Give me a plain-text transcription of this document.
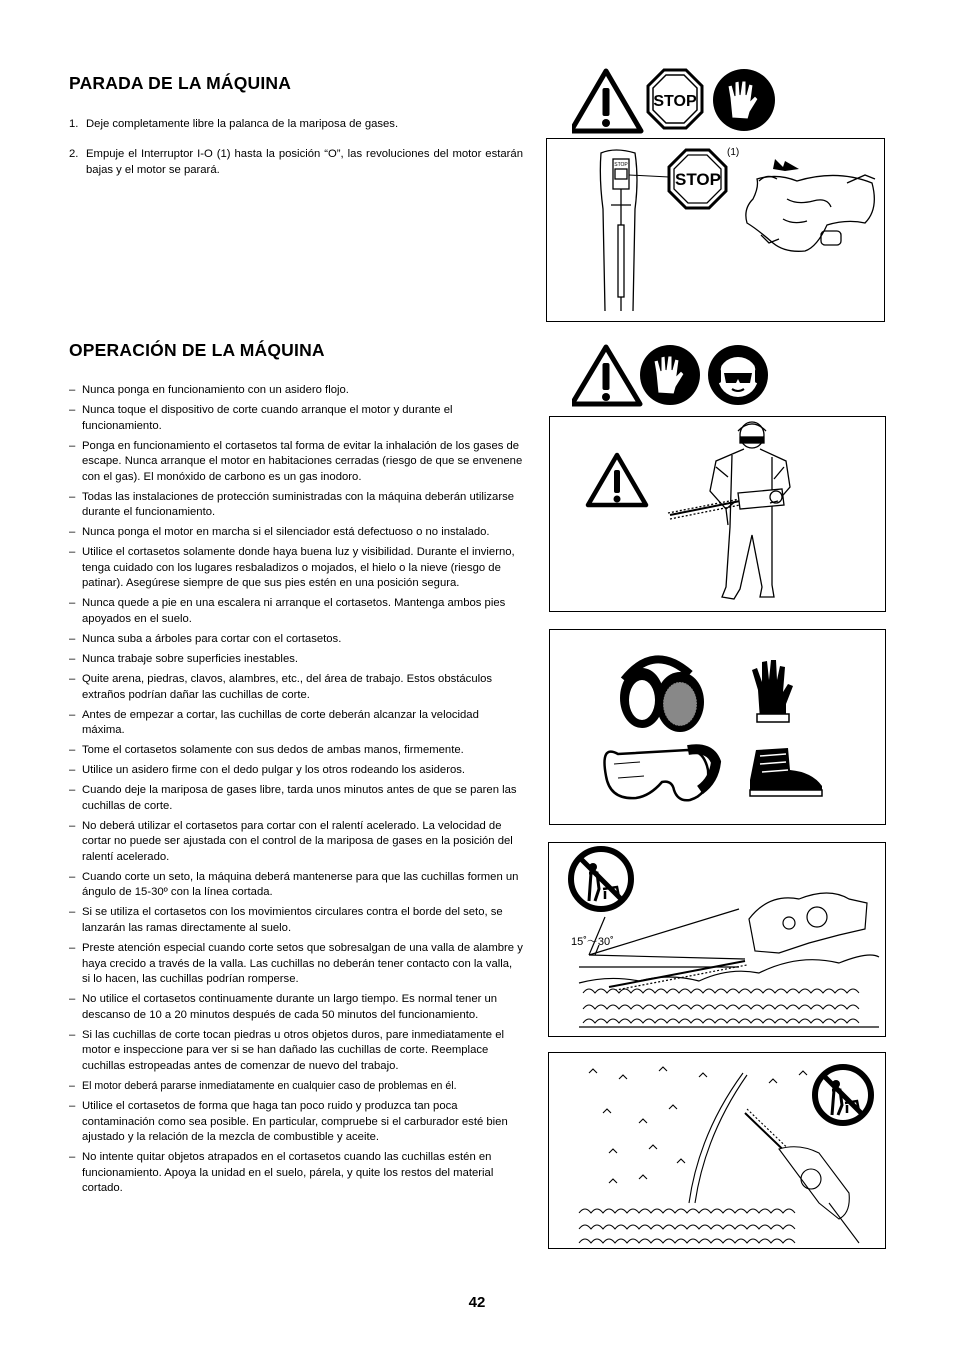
PARADA DE LA MÁQUINA
1. Deje completamente libre la palanca de la mariposa de gases.
2. Empuje el Interruptor I-O (1) hasta la posición “O”, las revoluciones del motor estarán bajas y el motor se parará.
STOP
STOP
STOP
(1)
OPERACIÓN DE LA MÁQUINA
– Nunca ponga en funcionamiento con un asidero flojo.
– Nunca toque el dispositivo de corte cuando arranque el motor y durante el funcionamiento.
– Ponga en funcionamiento el cortasetos tal forma de evitar la inhalación de los gases de escape. Nunca arranque el motor en habitaciones cerradas (riesgo de que se envenene con el gas). El monóxido de carbono es un gas inodoro.
– Todas las instalaciones de protección suministradas con la máquina deberán utilizarse durante el funcionamiento.
– Nunca ponga el motor en marcha si el silenciador está defectuoso o no instalado.
– Utilice el cortasetos solamente donde haya buena luz y visibilidad. Durante el invierno, tenga cuidado con los lugares resbaladizos o mojados, el hielo o la nieve (riesgo de patinar). Asegúrese siempre de que sus pies estén en una posición segura.
– Nunca quede a pie en una escalera ni arranque el cortasetos. Mantenga ambos pies apoyados en el suelo.
– Nunca suba a árboles para cortar con el cortasetos.
– Nunca trabaje sobre superficies inestables.
– Quite arena, piedras, clavos, alambres, etc., del área de trabajo. Estos obstáculos extraños podrían dañar las cuchillas de corte.
– Antes de empezar a cortar, las cuchillas de corte deberán alcanzar la velocidad máxima.
– Tome el cortasetos solamente con sus dedos de ambas manos, firmemente.
– Utilice un asidero firme con el dedo pulgar y los otros rodeando los asideros.
– Cuando deje la mariposa de gases libre, tarda unos minutos antes de que se paren las cuchillas de corte.
– No deberá utilizar el cortasetos para cortar con el ralentí acelerado. La velocidad de cortar no puede ser ajustada con el control de la mariposa de gases en la posición del ralentí acelerado.
– Cuando corte un seto, la máquina deberá mantenerse para que las cuchillas formen un ángulo de 15-30º con la línea cortada.
– Si se utiliza el cortasetos con los movimientos circulares contra el borde del seto, se lanzarán las ramas directamente al suelo.
– Preste atención especial cuando corte setos que sobresalgan de una valla de alambre y haya crecido a través de la valla. Las cuchillas no deberán tener contacto con la valla, si lo hacen, las cuchillas podrían romperse.
– No utilice el cortasetos continuamente durante un largo tiempo. Es normal tener un descanso de 10 a 20 minutos después de cada 50 minutos del funcionamiento.
– Si las cuchillas de corte tocan piedras u otros objetos duros, pare inmediatamente el motor e inspeccione para ver si se han dañado las cuchillas de corte. Reemplace cuchillas estropeadas antes de comenzar de nuevo del trabajo.
– El motor deberá pararse inmediatamente en cualquier caso de problemas en él.
– Utilice el cortasetos de forma que haga tan poco ruido y produzca tan poca contaminación como sea posible. En particular, compruebe si el carburador esté bien ajustado y la relación de la mezcla de combustible y aceite.
– No intente quitar objetos atrapados en el cortasetos cuando las cuchillas estén en funcionamiento. Apoya la unidad en el suelo, párela, y quite los restos del material cortado.
15˚～30˚
42
